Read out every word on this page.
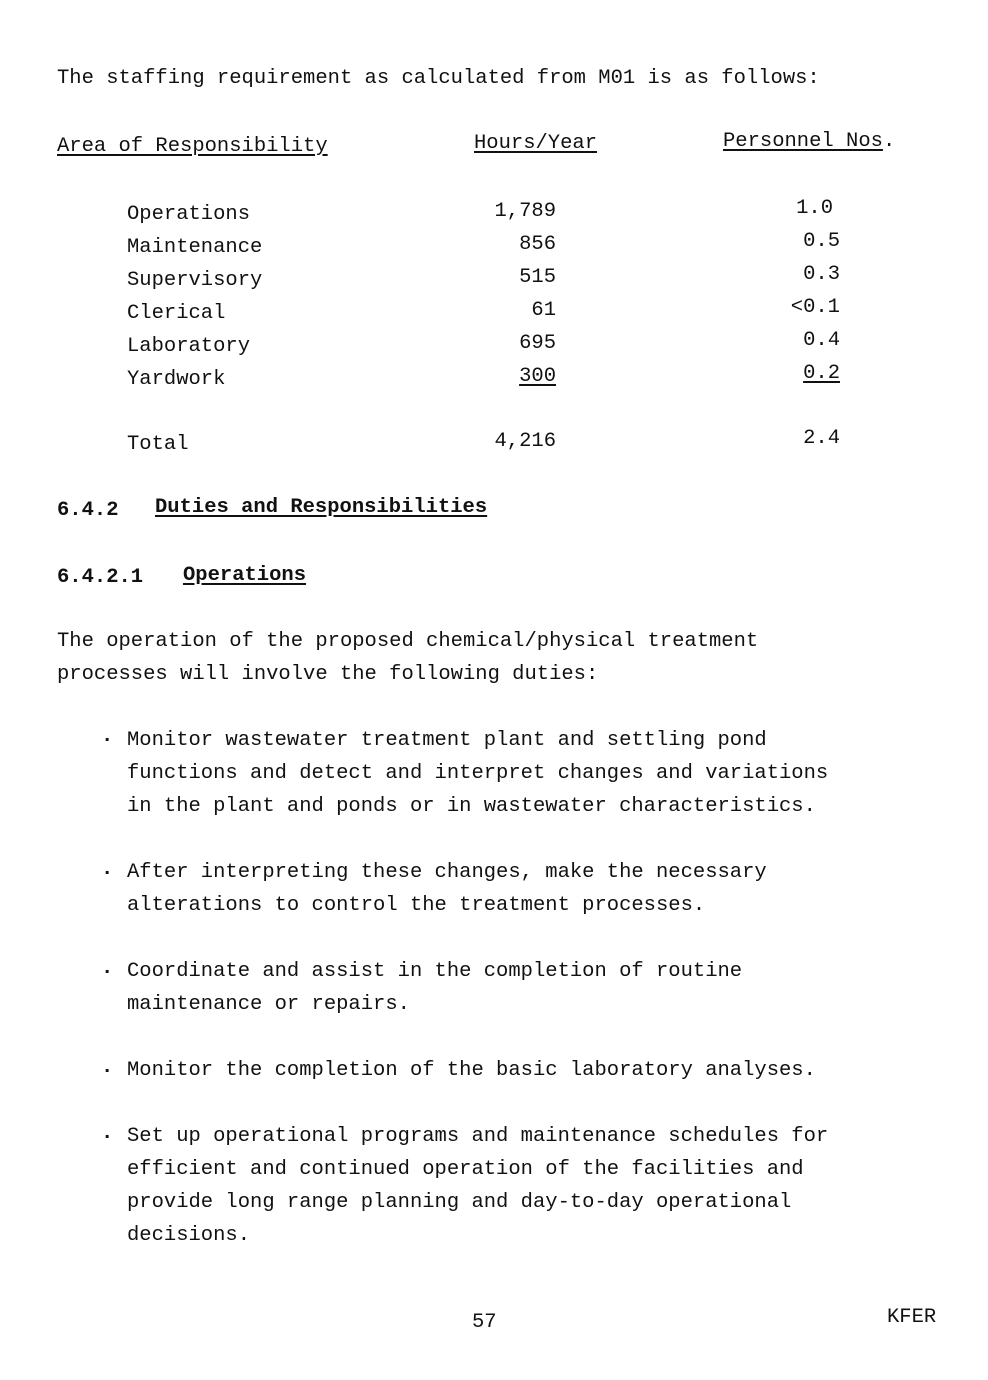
The staffing requirement as calculated from M01 is as follows:
Area of Responsibility	Hours/Year	Personnel Nos.
Operations	1,789	1.0
Maintenance	856	0.5
Supervisory	515	0.3
Clerical	61	<0.1
Laboratory	695	0.4
Yardwork	300	0.2
Total	4,216	2.4
6.4.2 Duties and Responsibilities
6.4.2.1 Operations
The operation of the proposed chemical/physical treatment
processes will involve the following duties:
· Monitor wastewater treatment plant and settling pond
functions and detect and interpret changes and variations
in the plant and ponds or in wastewater characteristics.
· After interpreting these changes, make the necessary
alterations to control the treatment processes.
· Coordinate and assist in the completion of routine
maintenance or repairs.
· Monitor the completion of the basic laboratory analyses.
· Set up operational programs and maintenance schedules for
efficient and continued operation of the facilities and
provide long range planning and day-to-day operational
decisions.
57	KFER
